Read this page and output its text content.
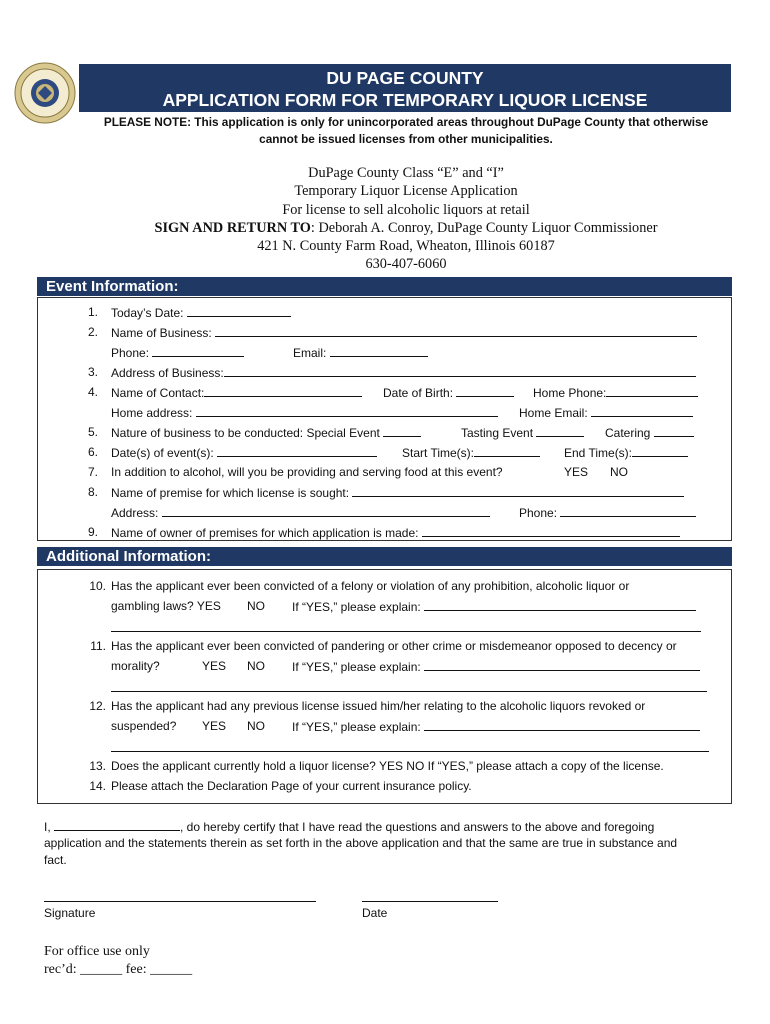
DU PAGE COUNTY
APPLICATION FORM FOR TEMPORARY LIQUOR LICENSE
PLEASE NOTE: This application is only for unincorporated areas throughout DuPage County that otherwise
cannot be issued licenses from other municipalities.
DuPage County Class “E” and “I”
Temporary Liquor License Application
For license to sell alcoholic liquors at retail
SIGN AND RETURN TO: Deborah A. Conroy, DuPage County Liquor Commissioner
421 N. County Farm Road, Wheaton, Illinois 60187
630-407-6060
Event Information:
1. Today’s Date:
2. Name of Business:
Phone:	Email:
3. Address of Business:
4. Name of Contact:	Date of Birth:	Home Phone:
Home address:	Home Email:
5. Nature of business to be conducted: Special Event	Tasting Event	Catering
6. Date(s) of event(s):	Start Time(s):	End Time(s):
7. In addition to alcohol, will you be providing and serving food at this event?	YES NO
8. Name of premise for which license is sought:
Address:	Phone:
9. Name of owner of premises for which application is made:
Additional Information:
10. Has the applicant ever been convicted of a felony or violation of any prohibition, alcoholic liquor or
gambling laws? YES NO If “YES,” please explain:
11. Has the applicant ever been convicted of pandering or other crime or misdemeanor opposed to decency or
morality?	YES NO If “YES,” please explain:
12. Has the applicant had any previous license issued him/her relating to the alcoholic liquors revoked or
suspended? YES NO If “YES,” please explain:
13. Does the applicant currently hold a liquor license? YES NO If “YES,” please attach a copy of the license.
14. Please attach the Declaration Page of your current insurance policy.
I,	, do hereby certify that I have read the questions and answers to the above and foregoing
application and the statements therein as set forth in the above application and that the same are true in substance and
fact.
Signature	Date
For office use only
rec’d: ______ fee: ______
